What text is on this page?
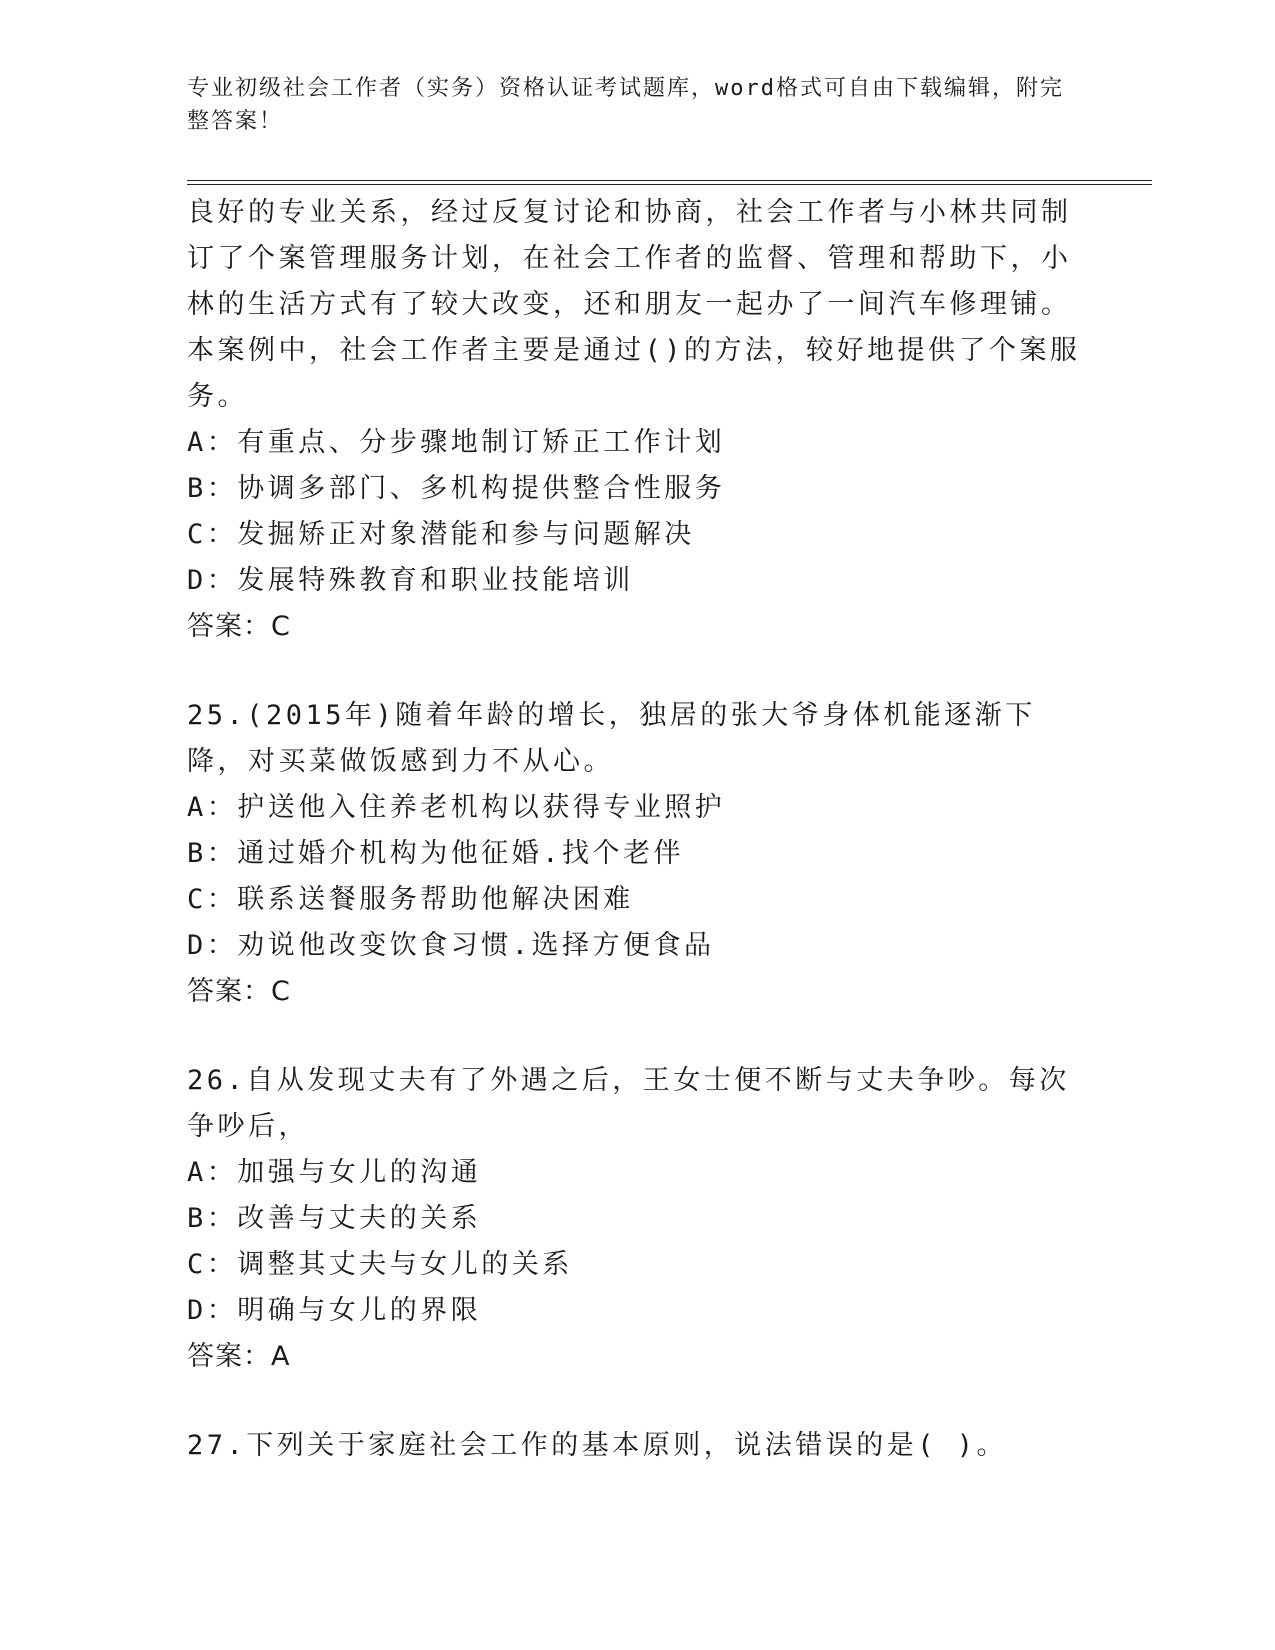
专业初级社会工作者（实务）资格认证考试题库，word格式可自由下载编辑，附完整答案！

良好的专业关系，经过反复讨论和协商，社会工作者与小林共同制订了个案管理服务计划，在社会工作者的监督、管理和帮助下，小林的生活方式有了较大改变，还和朋友一起办了一间汽车修理铺。本案例中，社会工作者主要是通过()的方法，较好地提供了个案服务。

A：有重点、分步骤地制订矫正工作计划

B：协调多部门、多机构提供整合性服务

C：发掘矫正对象潜能和参与问题解决

D：发展特殊教育和职业技能培训

答案：C

25.(2015年)随着年龄的增长，独居的张大爷身体机能逐渐下降，对买菜做饭感到力不从心。

A：护送他入住养老机构以获得专业照护

B：通过婚介机构为他征婚.找个老伴

C：联系送餐服务帮助他解决困难

D：劝说他改变饮食习惯.选择方便食品

答案：C

26.自从发现丈夫有了外遇之后，王女士便不断与丈夫争吵。每次争吵后，

A：加强与女儿的沟通

B：改善与丈夫的关系

C：调整其丈夫与女儿的关系

D：明确与女儿的界限

答案：A

27.下列关于家庭社会工作的基本原则，说法错误的是( )。
